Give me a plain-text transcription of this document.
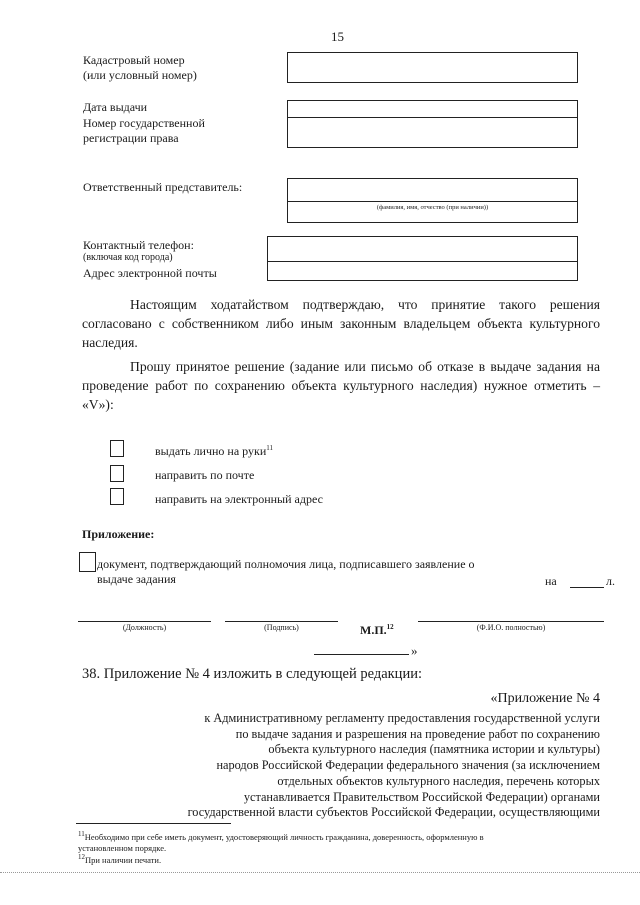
15
Кадастровый номер
(или условный номер)
Дата выдачи
Номер государственной
регистрации права
Ответственный представитель:
(фамилия, имя, отчество (при наличии))
Контактный телефон:
(включая код города)
Адрес электронной почты
Настоящим ходатайством подтверждаю, что принятие такого решения согласовано с собственником либо иным законным владельцем объекта культурного наследия.
Прошу принятое решение (задание или письмо об отказе в выдаче задания на проведение работ по сохранению объекта культурного наследия) нужное отметить – «V»):
выдать лично на руки$^{11}$
направить по почте
направить на электронный адрес
Приложение:
документ, подтверждающий полномочия лица, подписавшего заявление о
выдаче задания	на	л.
(Должность)	(Подпись)	М.П.$^{12}$	(Ф.И.О. полностью)
»
38. Приложение № 4 изложить в следующей редакции:
«Приложение № 4
к Административному регламенту предоставления государственной услуги
по выдаче задания и разрешения на проведение работ по сохранению
объекта культурного наследия (памятника истории и культуры)
народов Российской Федерации федерального значения (за исключением
отдельных объектов культурного наследия, перечень которых
устанавливается Правительством Российской Федерации) органами
государственной власти субъектов Российской Федерации, осуществляющими
$^{11}$Необходимо при себе иметь документ, удостоверяющий личность гражданина, доверенность, оформленную в
установленном порядке.
$^{12}$При наличии печати.
